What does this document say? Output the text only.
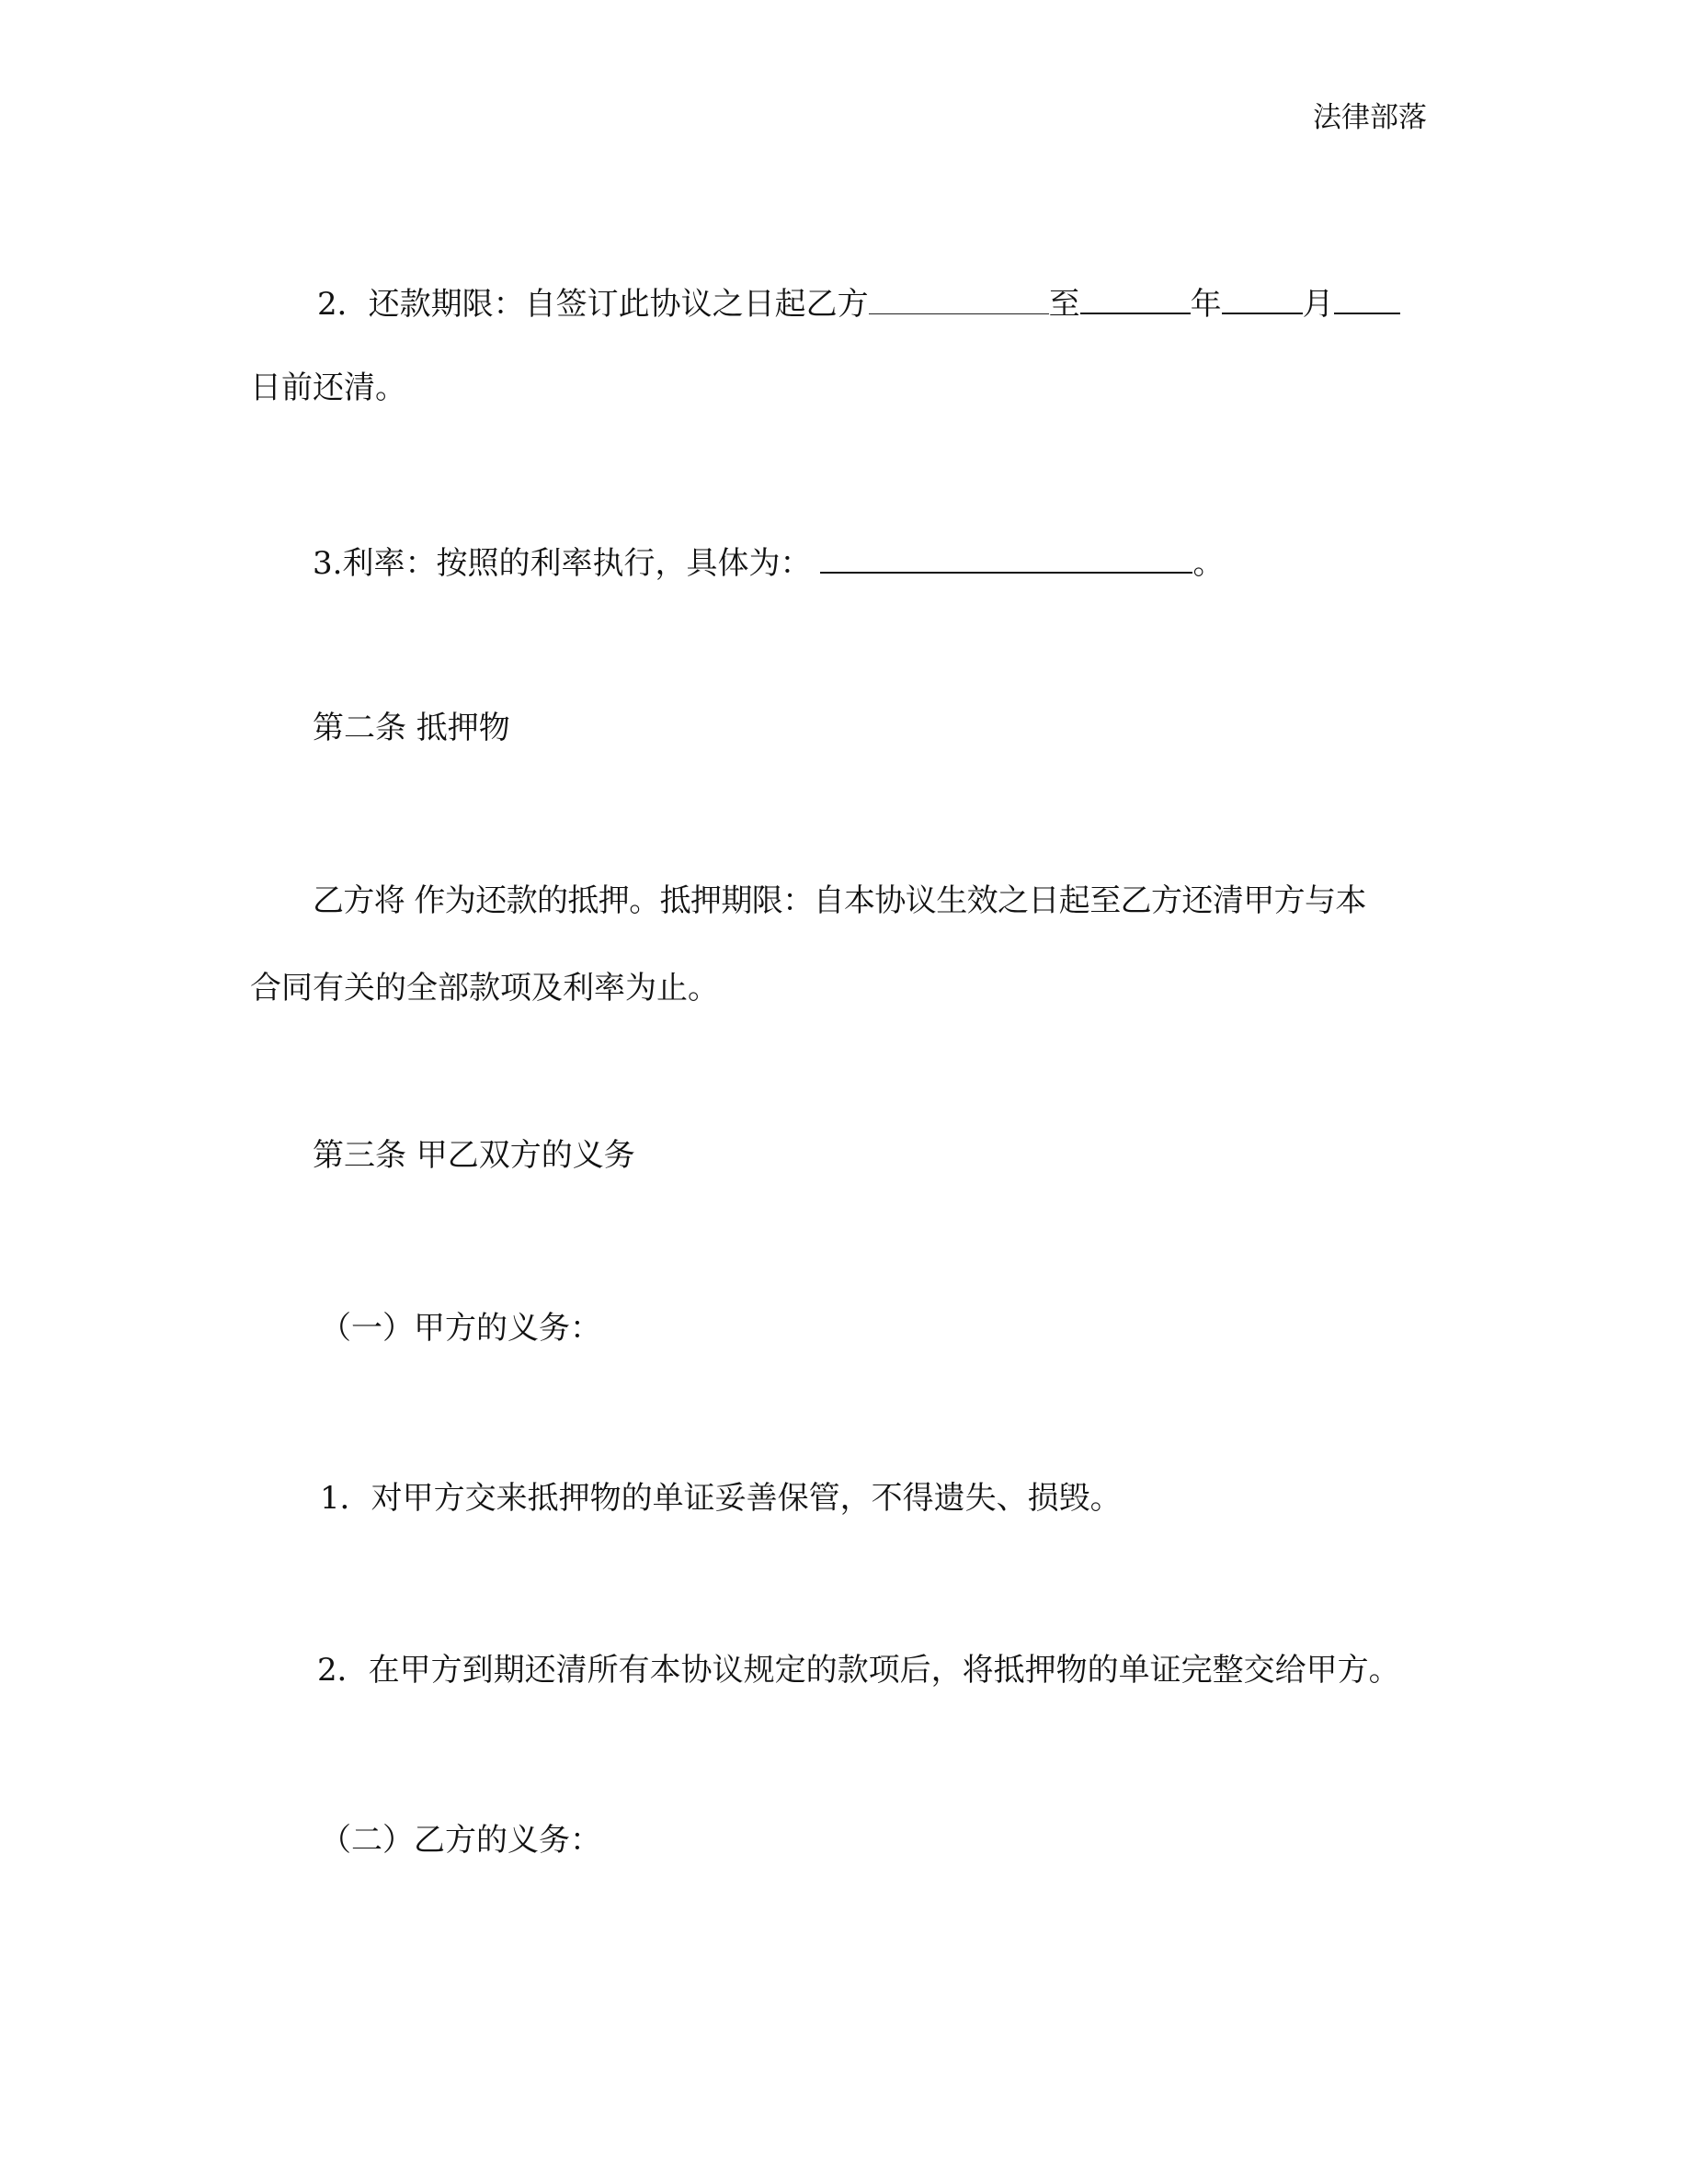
法律部落
2．还款期限：自签订此协议之日起乙方	至	年	月
日前还清。
3.利率：按照的利率执行，具体为：	。
第二条 抵押物
乙方将 作为还款的抵押。抵押期限：自本协议生效之日起至乙方还清甲方与本
合同有关的全部款项及利率为止。
第三条 甲乙双方的义务
（一）甲方的义务：
1．对甲方交来抵押物的单证妥善保管，不得遗失、损毁。
2．在甲方到期还清所有本协议规定的款项后，将抵押物的单证完整交给甲方。
（二）乙方的义务：
